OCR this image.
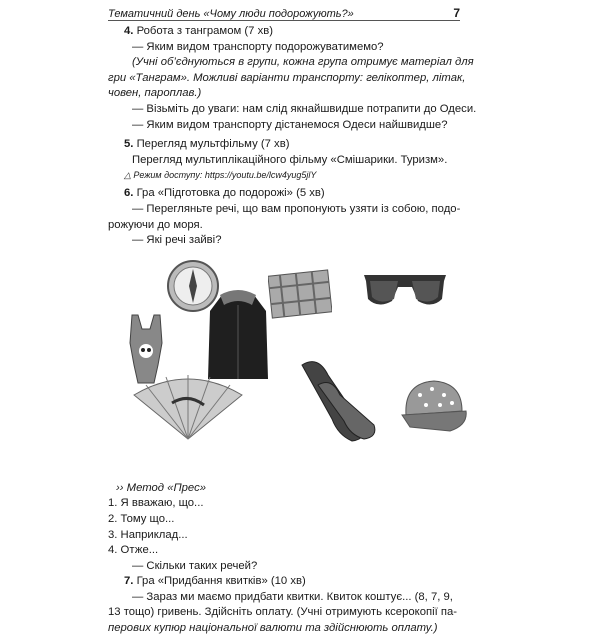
Тематичний день «Чому люди подорожують?»	7
4. Робота з танграмом (7 хв)
— Яким видом транспорту подорожуватимемо?
(Учні об’єднуються в групи, кожна група отримує матеріал для
гри «Танграм». Можливі варіанти транспорту: гелікоптер, літак,
човен, пароплав.)
— Візьміть до уваги: нам слід якнайшвидше потрапити до Одеси.
— Яким видом транспорту дістанемося Одеси найшвидше?
5. Перегляд мультфільму (7 хв)
Перегляд мультиплікаційного фільму «Смішарики. Туризм».
△ Режим доступу: https://youtu.be/lcw4yug5jlY
6. Гра «Підготовка до подорожі» (5 хв)
— Перегляньте речі, що вам пропонують узяти із собою, подо-
рожуючи до моря.
— Які речі зайві?
›› Метод «Прес»
1. Я вважаю, що...
2. Тому що...
3. Наприклад...
4. Отже...
— Скільки таких речей?
7. Гра «Придбання квитків» (10 хв)
— Зараз ми маємо придбати квитки. Квиток коштує... (8, 7, 9,
13 тощо) гривень. Здійсніть оплату. (Учні отримують ксерокопії па-
перових купюр національної валюти та здійснюють оплату.)
